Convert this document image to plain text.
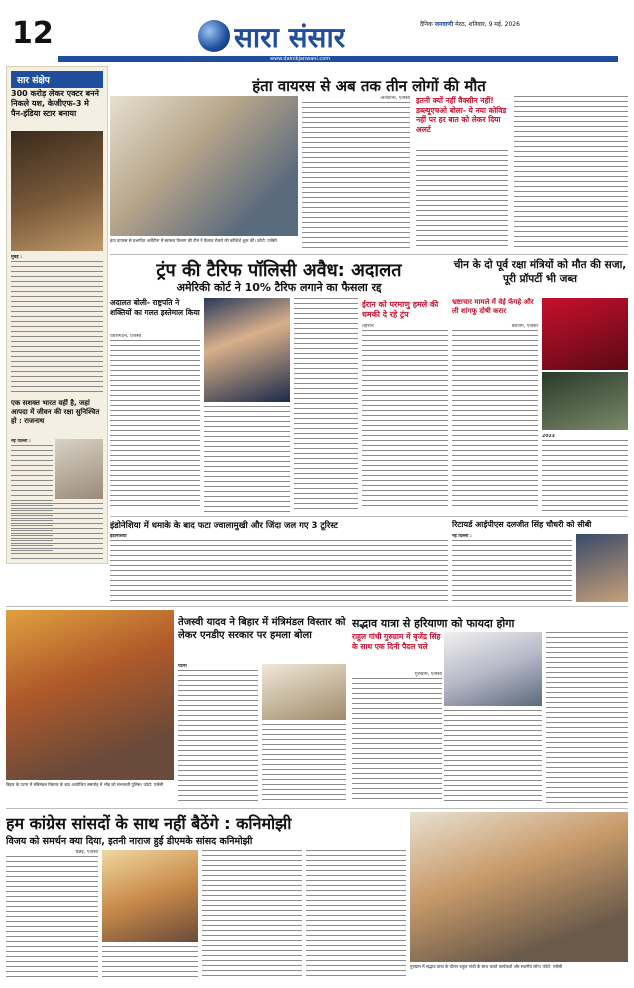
12	सारा संसार
www.dainikjanwani.com
दैनिक जनवाणी मेरठ, शनिवार, 9 मई, 2026
सार संक्षेप
300 करोड़ लेकर एक्टर बनने निकले यश, केजीएफ-3 मे पैन-इंडिया स्टार बनाया
मुंबई :
एक सशक्त भारत वहीं है, जहां आपदा में जीवन की रक्षा सुनिश्चित हो : राजनाथ
नई दिल्ली :
हंता वायरस से अब तक तीन लोगों की मौत
हंता वायरस से प्रभावित अर्जेंटीना में स्वास्थ्य विभाग की टीम ने फैलाव रोकने की कोशिशें शुरू कीं। फोटो: एजेंसी
अर्जेंटीना, एजेंसी इतनी क्यों नहीं वैक्सीन नहीं! डब्ल्यूएचओ बोला- ये नया कोविड नहीं पर हर बात को लेकर दिया अलर्ट
ट्रंप की टैरिफ पॉलिसी अवैध: अदालत
अमेरिकी कोर्ट ने 10% टैरिफ लगाने का फैसला रद्द
अदालत बोली- राष्ट्रपति ने शक्तियों का गलत इस्तेमाल किया
वॉशिंगटन, एजेंसी
ईरान को परमाणु हमले की धमकी दे रहे ट्रंप
तेहरान
चीन के दो पूर्व रक्षा मंत्रियों को मौत की सजा, पूरी प्रॉपर्टी भी जब्त
भ्रष्टाचार मामले में वेई फेंगहे और ली शांगफू दोषी करार
बीजिंग, एजेंसी
2023
इंडोनेशिया में धमाके के बाद फटा ज्वालामुखी और जिंदा जल गए 3 टूरिस्ट
इंडोनेशिया
रिटायर्ड आईपीएस दलजीत सिंह चौधरी को सीबी
नई दिल्ली :
बिहार के पटना में मंत्रिमंडल विस्तार के बाद आयोजित समारोह में भीड़ को संभालती पुलिस। फोटो: एजेंसी
तेजस्वी यादव ने बिहार में मंत्रिमंडल विस्तार को लेकर एनडीए सरकार पर हमला बोला
पटना
सद्भाव यात्रा से हरियाणा को फायदा होगा
राहुल गांधी गुरुग्राम में बृजेंद्र सिंह के साथ एक दिनी पैदल चले
गुरुग्राम, एजेंसी
हम कांग्रेस सांसदों के साथ नहीं बैठेंगे : कनिमोझी
विजय को समर्थन क्या दिया, इतनी नाराज हुई डीएमके सांसद कनिमोझी
चेन्नई, एजेंसी
गुरुग्राम में सद्भाव यात्रा के दौरान राहुल गांधी के साथ चलते कार्यकर्ता और स्थानीय लोग। फोटो: एजेंसी
